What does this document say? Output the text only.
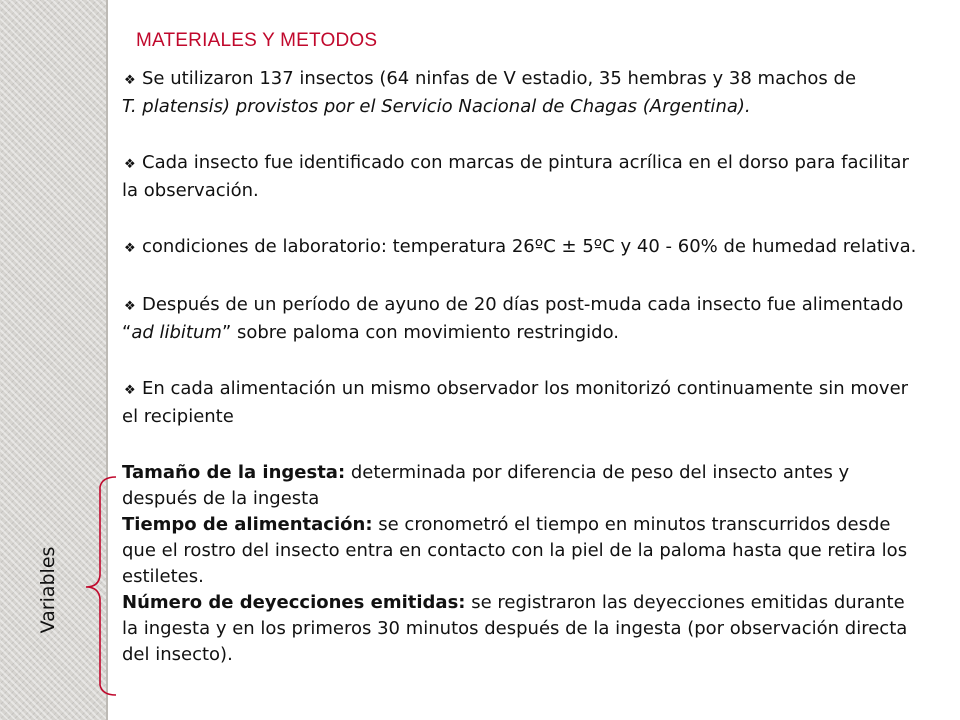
MATERIALES Y METODOS

❖ Se utilizaron 137 insectos (64 ninfas de V estadio, 35 hembras y 38 machos de
T. platensis) provistos por el Servicio Nacional de Chagas (Argentina).

❖ Cada insecto fue identificado con marcas de pintura acrílica en el dorso para facilitar la observación.

❖ condiciones de laboratorio: temperatura 26ºC ± 5ºC y 40 - 60% de humedad relativa.

❖ Después de un período de ayuno de 20 días post-muda cada insecto fue alimentado “ad libitum” sobre paloma con movimiento restringido.

❖ En cada alimentación un mismo observador los monitorizó continuamente sin mover el recipiente

Tamaño de la ingesta: determinada por diferencia de peso del insecto antes y después de la ingesta

Tiempo de alimentación: se cronometró el tiempo en minutos transcurridos desde que el rostro del insecto entra en contacto con la piel de la paloma hasta que retira los estiletes.

Número de deyecciones emitidas: se registraron las deyecciones emitidas durante la ingesta y en los primeros 30 minutos después de la ingesta (por observación directa del insecto).

Variables
